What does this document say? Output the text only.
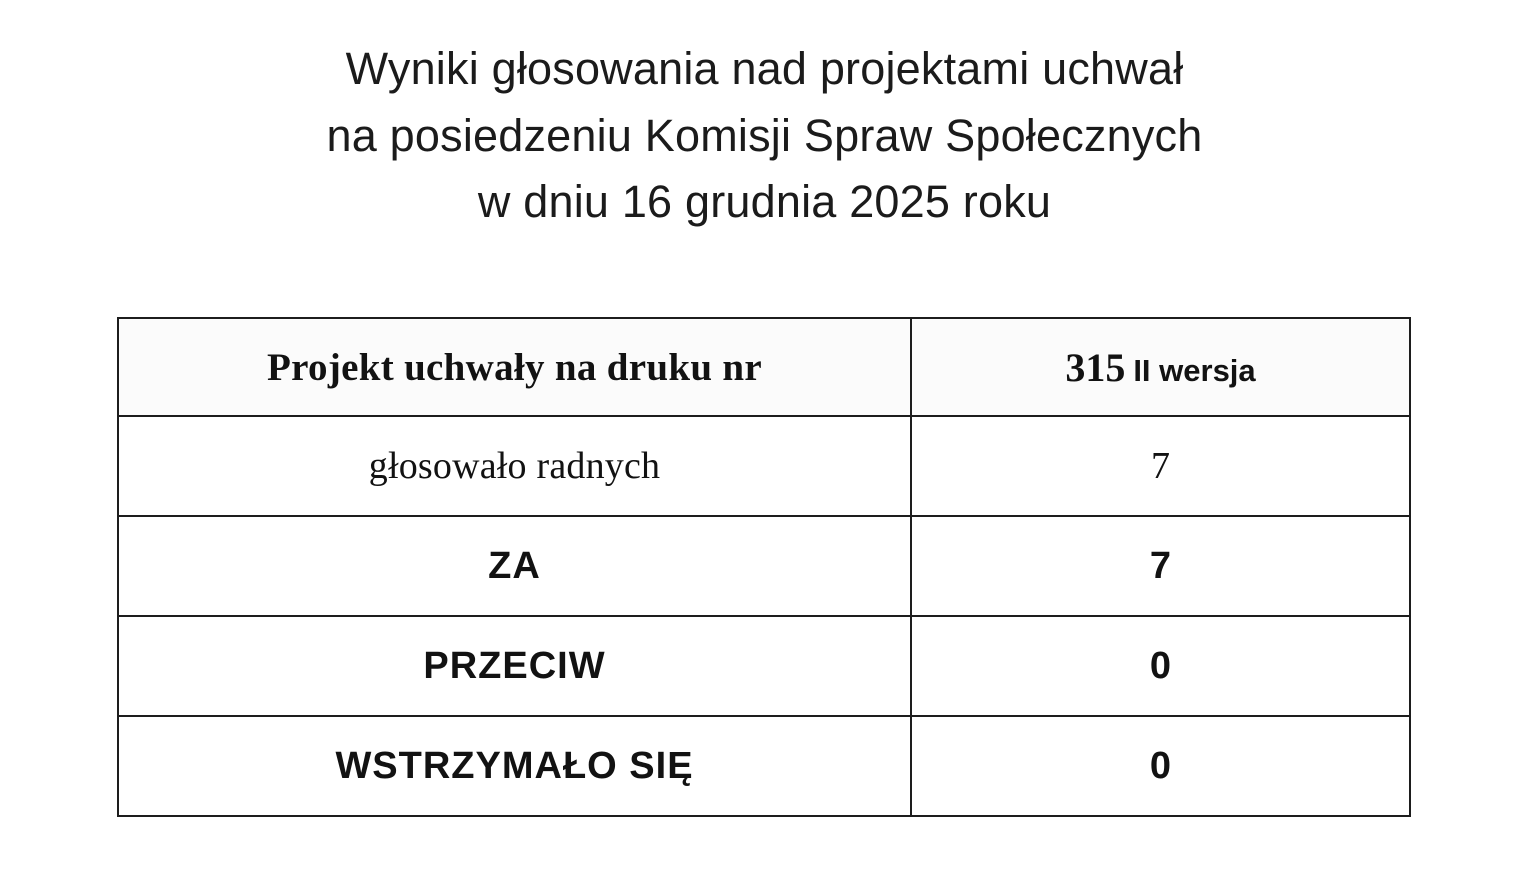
Wyniki głosowania nad projektami uchwał
na posiedzeniu Komisji Spraw Społecznych
w dniu 16 grudnia 2025 roku
Projekt uchwały na druku nr	315 II wersja
głosowało radnych	7
ZA	7
PRZECIW	0
WSTRZYMAŁO SIĘ	0
